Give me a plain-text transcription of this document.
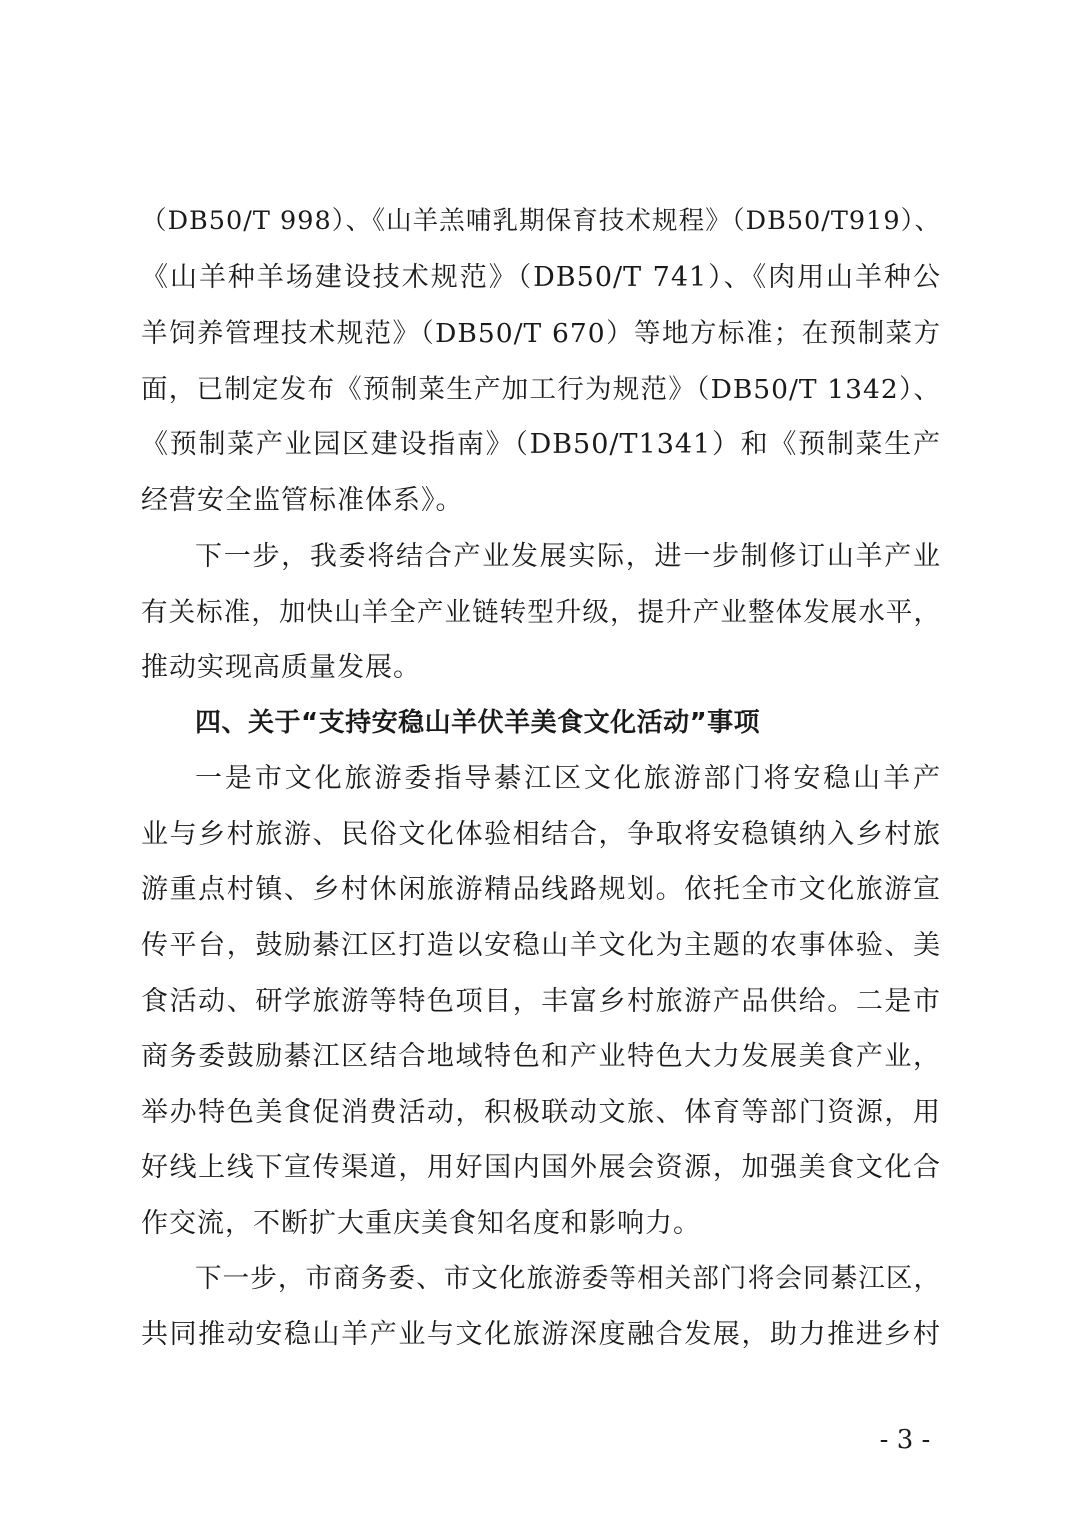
（DB50/T 998）、《山羊羔哺乳期保育技术规程》（DB50/T919）、
《山羊种羊场建设技术规范》（DB50/T 741）、《肉用山羊种公
羊饲养管理技术规范》（DB50/T 670）等地方标准；在预制菜方
面，已制定发布《预制菜生产加工行为规范》（DB50/T 1342）、
《预制菜产业园区建设指南》（DB50/T1341）和《预制菜生产
经营安全监管标准体系》。
下一步，我委将结合产业发展实际，进一步制修订山羊产业
有关标准，加快山羊全产业链转型升级，提升产业整体发展水平，
推动实现高质量发展。
四、关于“支持安稳山羊伏羊美食文化活动”事项
一是市文化旅游委指导綦江区文化旅游部门将安稳山羊产
业与乡村旅游、民俗文化体验相结合，争取将安稳镇纳入乡村旅
游重点村镇、乡村休闲旅游精品线路规划。依托全市文化旅游宣
传平台，鼓励綦江区打造以安稳山羊文化为主题的农事体验、美
食活动、研学旅游等特色项目，丰富乡村旅游产品供给。二是市
商务委鼓励綦江区结合地域特色和产业特色大力发展美食产业，
举办特色美食促消费活动，积极联动文旅、体育等部门资源，用
好线上线下宣传渠道，用好国内国外展会资源，加强美食文化合
作交流，不断扩大重庆美食知名度和影响力。
下一步，市商务委、市文化旅游委等相关部门将会同綦江区，
共同推动安稳山羊产业与文化旅游深度融合发展，助力推进乡村
- 3 -
